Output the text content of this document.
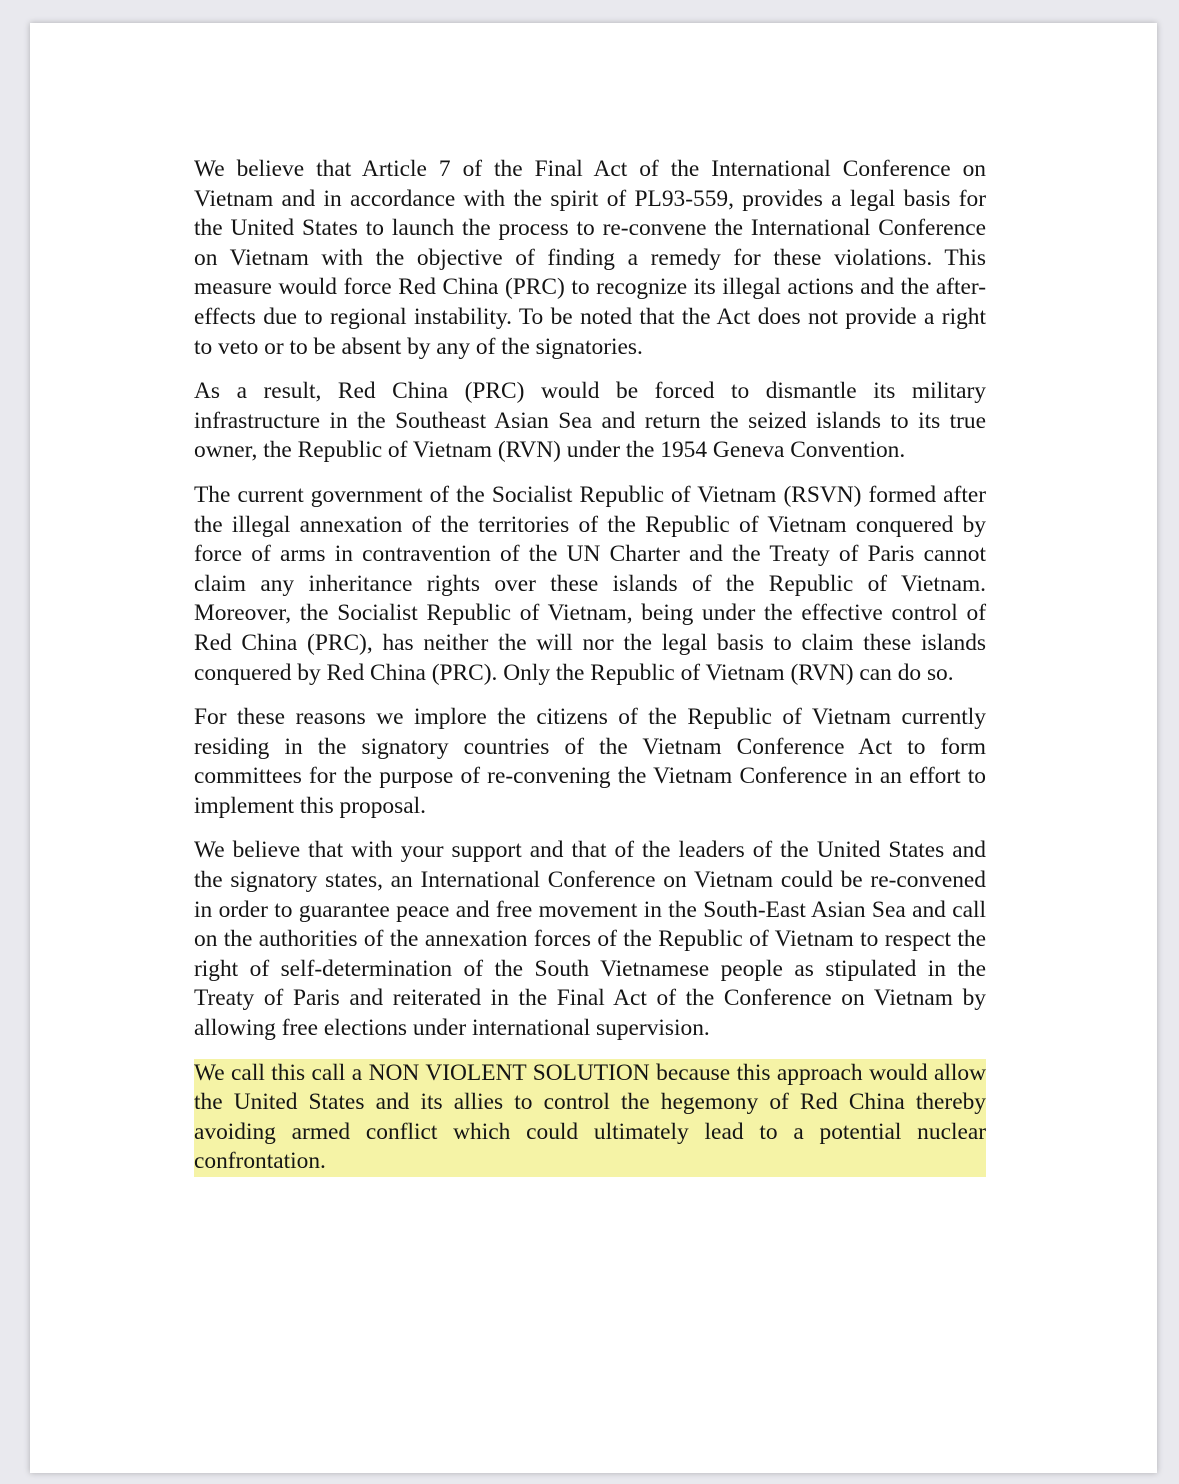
We believe that Article 7 of the Final Act of the International Conference on Vietnam and in accordance with the spirit of PL93-559, provides a legal basis for the United States to launch the process to re-convene the International Conference on Vietnam with the objective of finding a remedy for these violations. This measure would force Red China (PRC) to recognize its illegal actions and the after-effects due to regional instability. To be noted that the Act does not provide a right to veto or to be absent by any of the signatories.

As a result, Red China (PRC) would be forced to dismantle its military infrastructure in the Southeast Asian Sea and return the seized islands to its true owner, the Republic of Vietnam (RVN) under the 1954 Geneva Convention.

The current government of the Socialist Republic of Vietnam (RSVN) formed after the illegal annexation of the territories of the Republic of Vietnam conquered by force of arms in contravention of the UN Charter and the Treaty of Paris cannot claim any inheritance rights over these islands of the Republic of Vietnam. Moreover, the Socialist Republic of Vietnam, being under the effective control of Red China (PRC), has neither the will nor the legal basis to claim these islands conquered by Red China (PRC). Only the Republic of Vietnam (RVN) can do so.

For these reasons we implore the citizens of the Republic of Vietnam currently residing in the signatory countries of the Vietnam Conference Act to form committees for the purpose of re-convening the Vietnam Conference in an effort to implement this proposal.

We believe that with your support and that of the leaders of the United States and the signatory states, an International Conference on Vietnam could be re-convened in order to guarantee peace and free movement in the South-East Asian Sea and call on the authorities of the annexation forces of the Republic of Vietnam to respect the right of self-determination of the South Vietnamese people as stipulated in the Treaty of Paris and reiterated in the Final Act of the Conference on Vietnam by allowing free elections under international supervision.

We call this call a NON VIOLENT SOLUTION because this approach would allow the United States and its allies to control the hegemony of Red China thereby avoiding armed conflict which could ultimately lead to a potential nuclear confrontation.
